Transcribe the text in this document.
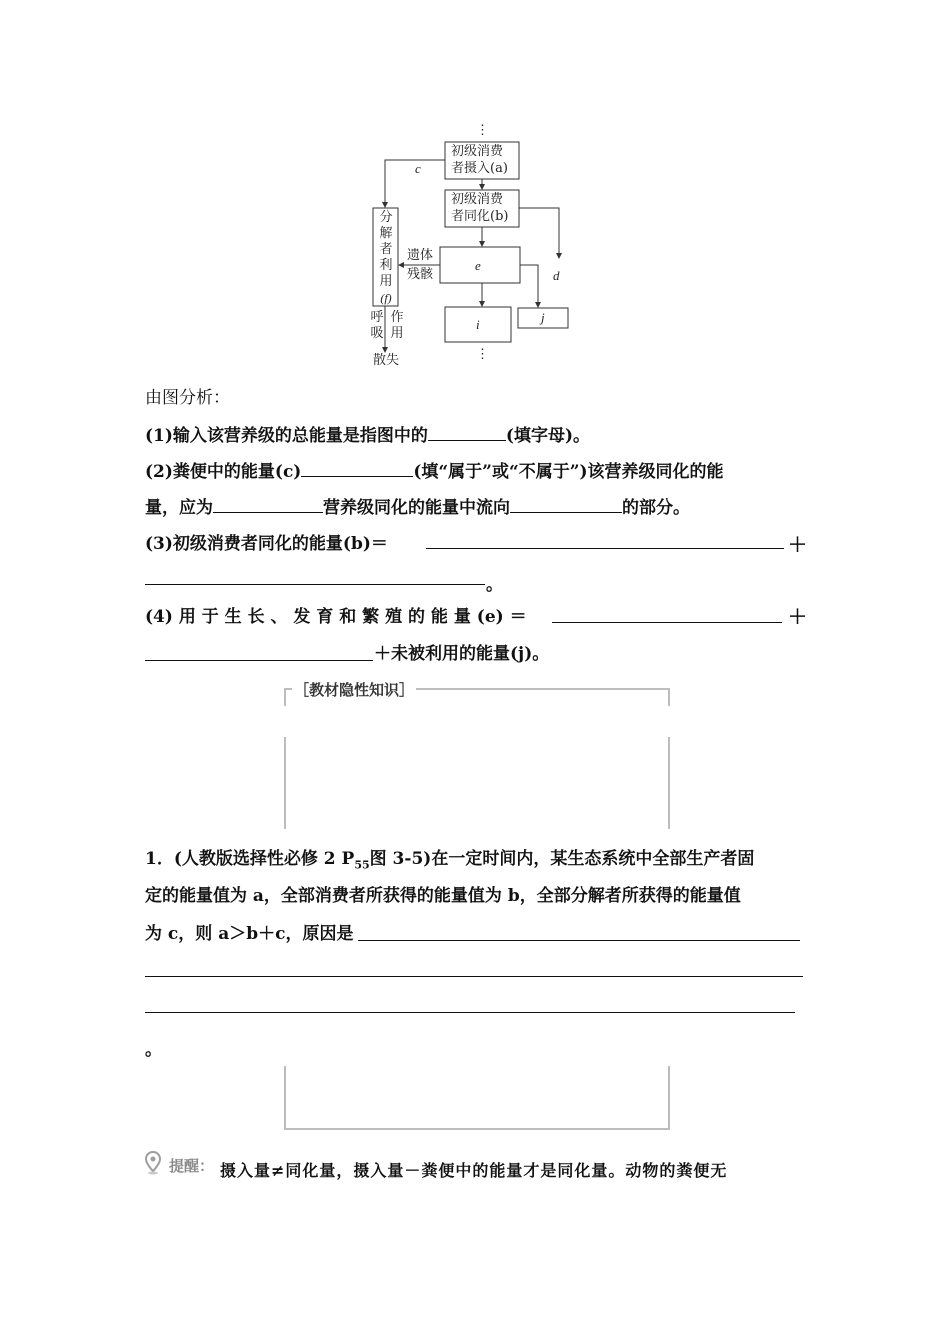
⋮
初级消费
者摄入(a)
初级消费
者同化(b)
e
i	j
c
d
遗体
残骸
分
解
者
利
用
(f)
呼
吸
作
用
散失	⋮
由图分析：
(1)输入该营养级的总能量是指图中的	(填字母)。
(2)粪便中的能量(c)	(填“属于”或“不属于”)该营养级同化的能
量，应为	营养级同化的能量中流向	的部分。
(3)初级消费者同化的能量(b)＝	＋
。
(4) 用 于 生 长 、 发 育 和 繁 殖 的 能 量 (e) ＝	＋
＋未被利用的能量(j)。
［教材隐性知识］
1．(人教版选择性必修 2 $P_{55}$图 3-5)在一定时间内，某生态系统中全部生产者固
定的能量值为 a，全部消费者所获得的能量值为 b，全部分解者所获得的能量值
为 c，则 a＞b＋c，原因是
。
提醒： 摄入量≠同化量，摄入量－粪便中的能量才是同化量。动物的粪便无
